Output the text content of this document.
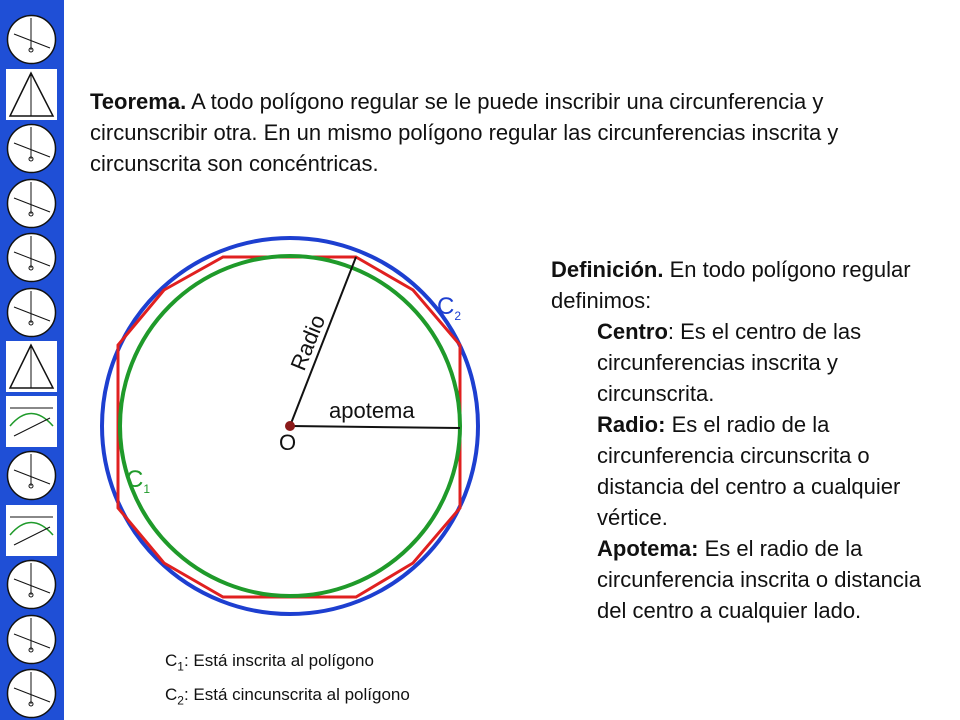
Teorema. A todo polígono regular se le puede inscribir una circunferencia y circunscribir otra. En un mismo polígono regular las circunferencias inscrita y circunscrita son concéntricas.
Definición. En todo polígono regular definimos:
Centro: Es el centro de las circunferencias inscrita y circunscrita.
Radio: Es el radio de la circunferencia circunscrita o distancia del centro a cualquier vértice.
Apotema: Es el radio de la circunferencia inscrita o distancia del centro a cualquier lado.
Radio
apotema
O
$C_1$
$C_2$
$C_1$: Está inscrita al polígono
$C_2$: Está cincunscrita al polígono
